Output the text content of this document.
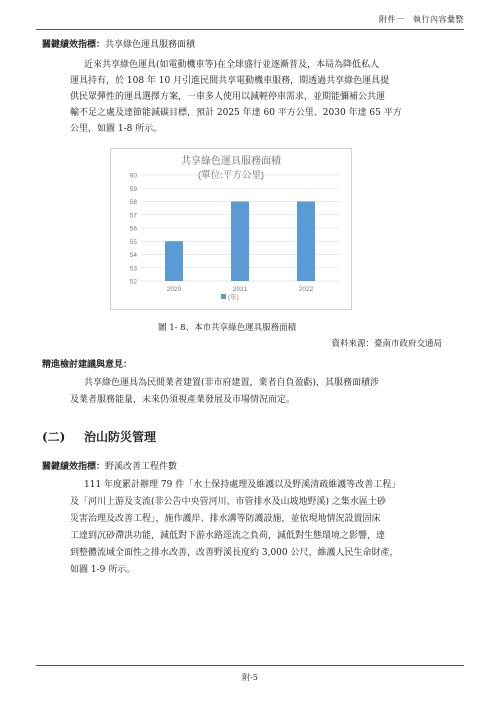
附件一　執行內容彙整
關鍵績效指標：共享綠色運具服務面積
近來共享綠色運具(如電動機車等)在全球盛行並逐漸普及，本局為降低私人
運具持有，於 108 年 10 月引進民間共享電動機車服務，期透過共享綠色運具提
供民眾彈性的運具選擇方案，一車多人使用以減輕停車需求，並期能彌補公共運
輸不足之處及達節能減碳目標，預計 2025 年達 60 平方公里、2030 年達 65 平方
公里，如圖 1-8 所示。
共享綠色運具服務面積
(單位:平方公里)
52
53
54
55
56
57
58
59
60
2020	2021	2022
(年)
圖 1- 8、本市共享綠色運具服務面積
資料來源：臺南市政府交通局
精進檢討建議與意見：
共享綠色運具為民間業者建置(非市府建置，業者自負盈虧)，其服務面積涉
及業者服務能量，未來仍須視產業發展及市場情況而定。
(二) 治山防災管理
關鍵績效指標：野溪改善工程件數
111 年度累計辦理 79 件「水土保持處理及維護以及野溪清疏維護等改善工程」
及「河川上游及支流(非公告中央管河川、市管排水及山坡地野溪) 之集水區土砂
災害治理及改善工程」，施作護岸、排水溝等防護設施，並依現地情況設置固床
工達到沉砂滯洪功能，減低對下游水路逕流之負荷，減低對生態環境之影響，達
到整體流域全面性之排水改善，改善野溪長度約 3,000 公尺，維護人民生命財產，
如圖 1-9 所示。
附-5
